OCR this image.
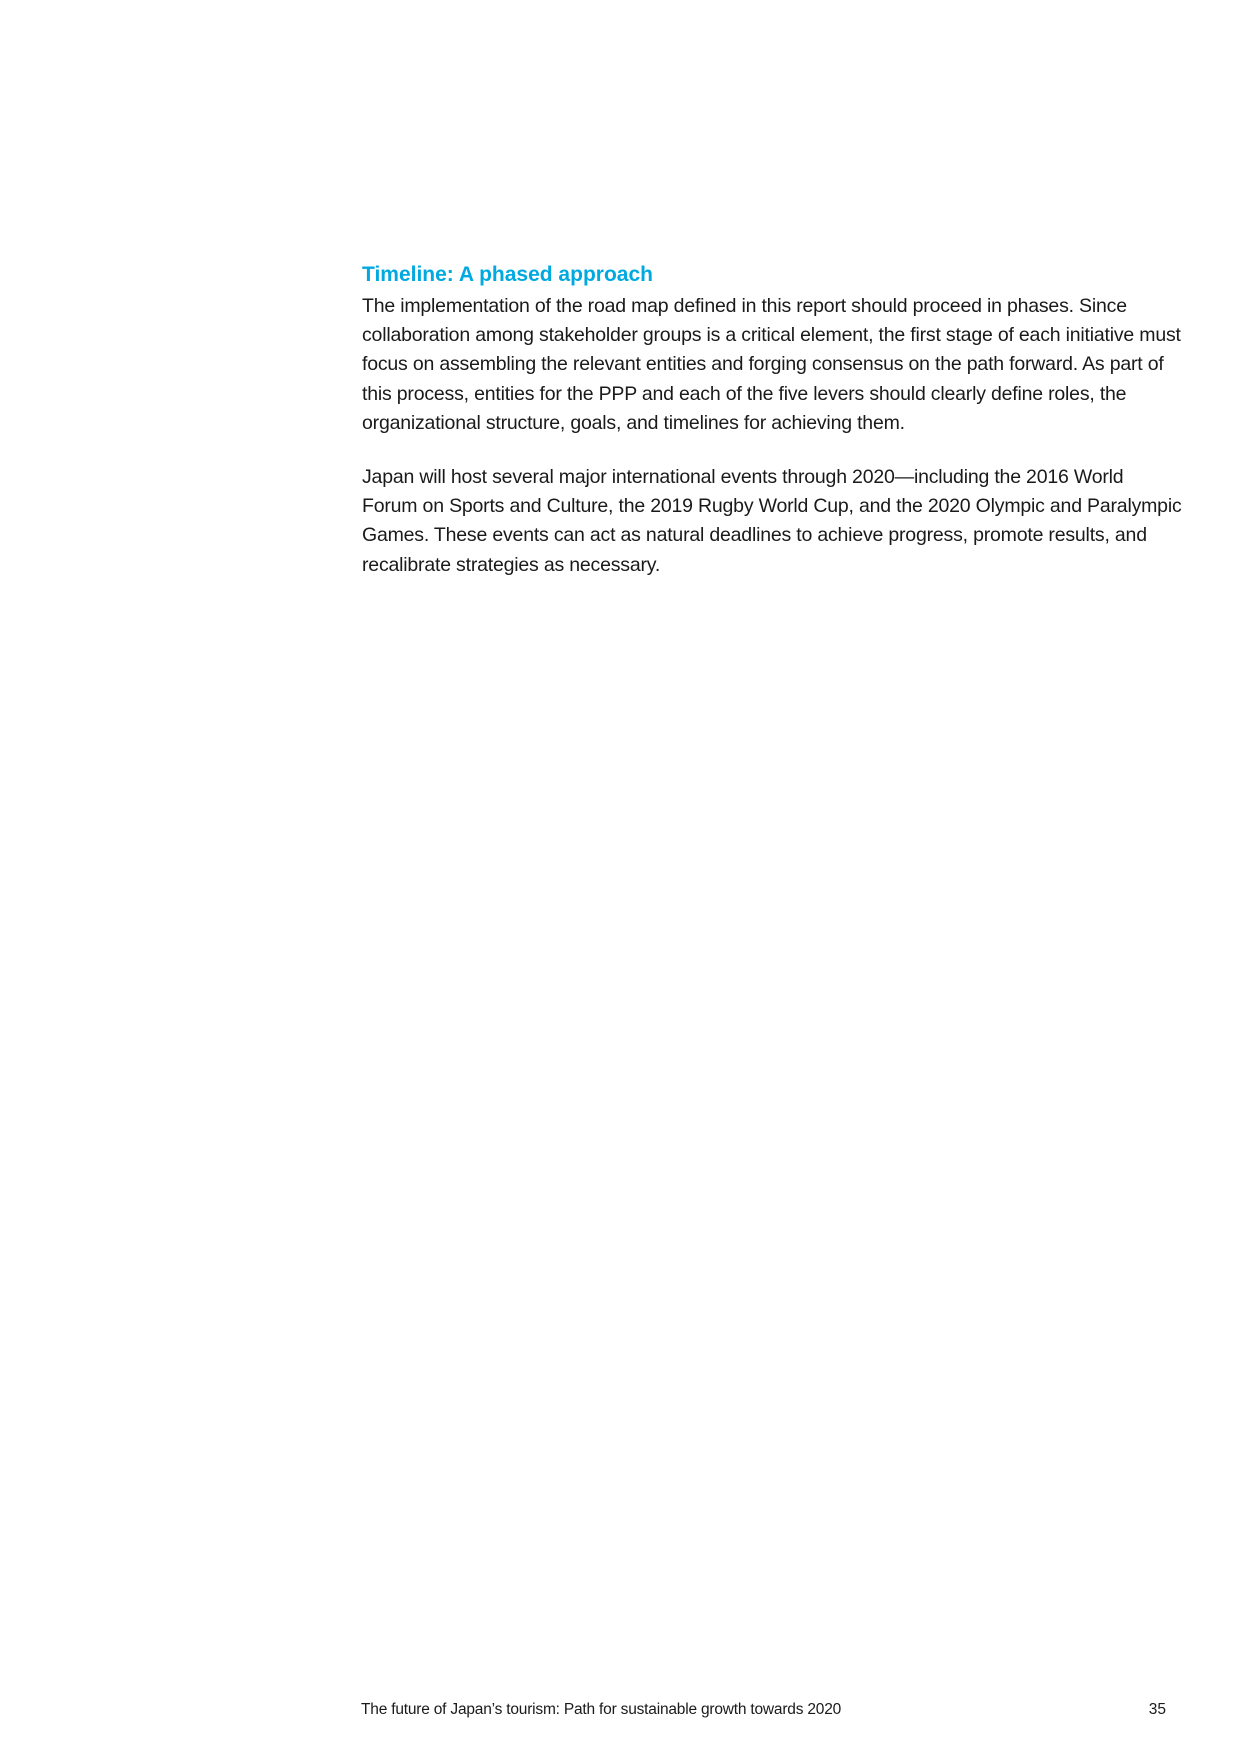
Timeline: A phased approach

The implementation of the road map defined in this report should proceed in phases. Since collaboration among stakeholder groups is a critical element, the first stage of each initiative must focus on assembling the relevant entities and forging consensus on the path forward. As part of this process, entities for the PPP and each of the five levers should clearly define roles, the organizational structure, goals, and timelines for achieving them.

Japan will host several major international events through 2020—including the 2016 World Forum on Sports and Culture, the 2019 Rugby World Cup, and the 2020 Olympic and Paralympic Games. These events can act as natural deadlines to achieve progress, promote results, and recalibrate strategies as necessary.

The future of Japan’s tourism: Path for sustainable growth towards 2020	35
